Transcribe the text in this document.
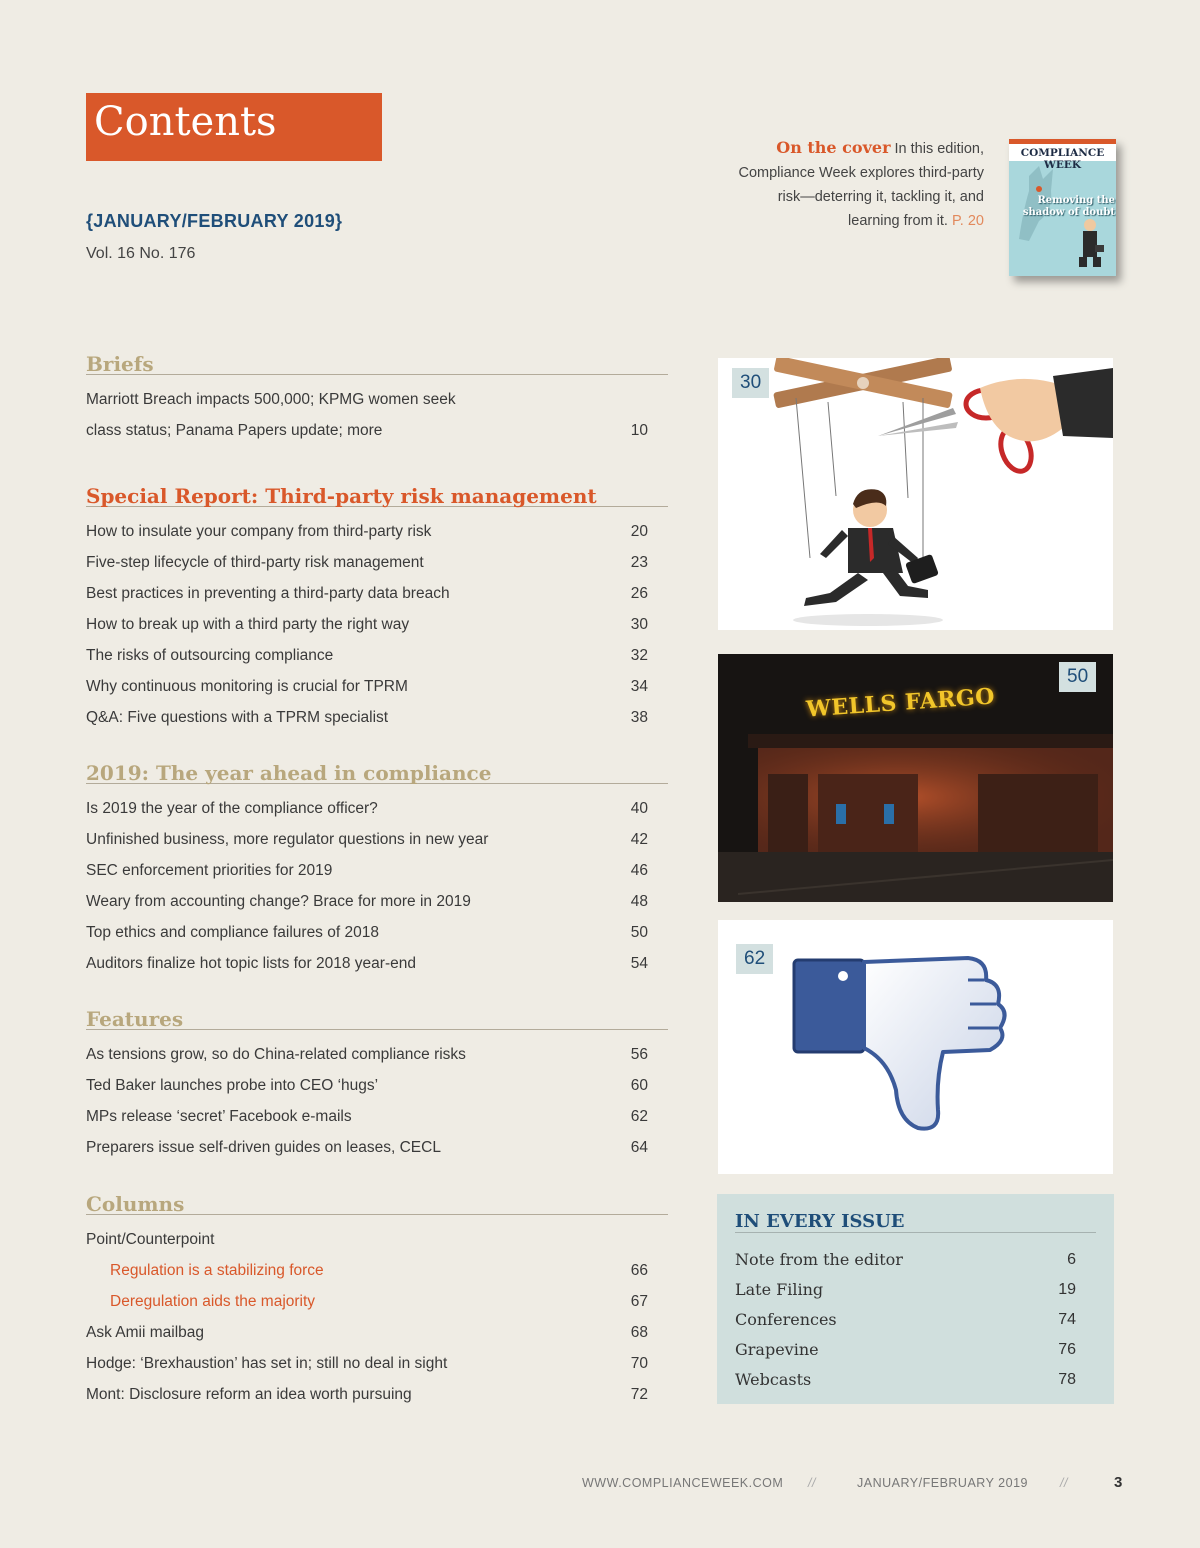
Contents
{JANUARY/FEBRUARY 2019}
Vol. 16 No. 176
On the cover In this edition, Compliance Week explores third-party risk—deterring it, tackling it, and learning from it. P. 20
COMPLIANCE WEEK
Removing the shadow of doubt
Briefs
Marriott Breach impacts 500,000; KPMG women seek
class status; Panama Papers update; more	10
Special Report: Third-party risk management
How to insulate your company from third-party risk	20
Five-step lifecycle of third-party risk management	23
Best practices in preventing a third-party data breach	26
How to break up with a third party the right way	30
The risks of outsourcing compliance	32
Why continuous monitoring is crucial for TPRM	34
Q&A: Five questions with a TPRM specialist	38
2019: The year ahead in compliance
Is 2019 the year of the compliance officer?	40
Unfinished business, more regulator questions in new year	42
SEC enforcement priorities for 2019	46
Weary from accounting change? Brace for more in 2019	48
Top ethics and compliance failures of 2018	50
Auditors finalize hot topic lists for 2018 year-end	54
Features
As tensions grow, so do China-related compliance risks	56
Ted Baker launches probe into CEO ‘hugs’	60
MPs release ‘secret’ Facebook e-mails	62
Preparers issue self-driven guides on leases, CECL	64
Columns
Point/Counterpoint
Regulation is a stabilizing force	66
Deregulation aids the majority	67
Ask Amii mailbag	68
Hodge: ‘Brexhaustion’ has set in; still no deal in sight	70
Mont: Disclosure reform an idea worth pursuing	72
30
WELLS FARGO
50
62
IN EVERY ISSUE
Note from the editor	6
Late Filing	19
Conferences	74
Grapevine	76
Webcasts	78
WWW.COMPLIANCEWEEK.COM //	JANUARY/FEBRUARY 2019	//	3
